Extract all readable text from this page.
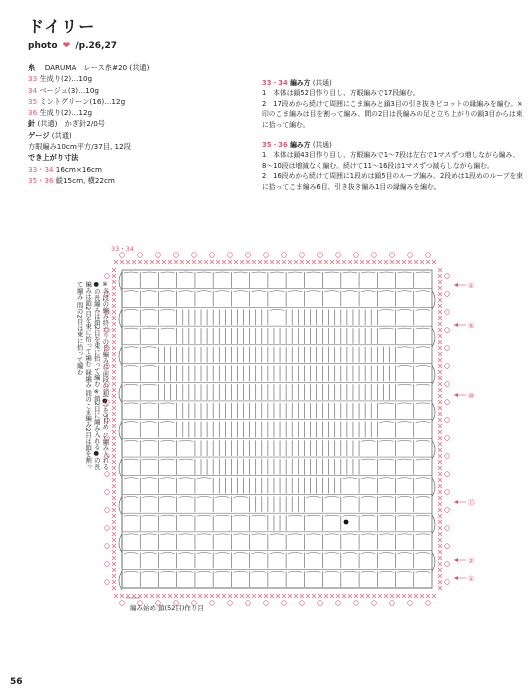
ドイリー
photo ❤ /p.26,27
糸　 DARUMA　レース糸#20 (共通)
33 生成り(2)…10g
34 ベージュ(3)…10g
35 ミントグリーン(16)…12g
36 生成り(2)…12g
針 (共通)　かぎ針2/0号
ゲージ (共通)
方眼編み10cm平方/37目, 12段
でき上がり寸法
33・34 16cm×16cm
35・36 縦15cm, 横22cm
33・34 編み方 (共通)
1　本体は鎖52目作り目し、方眼編みで17段編む。
2　17段めから続けて周囲にこま編みと鎖3目の引き抜きピコットの縁編みを編む。×印のこま編みは目を割って編み、間の2目は長編みの足と立ち上がりの鎖3目からは束に拾って編む。
35・36 編み方 (共通)
1　本体は鎖43目作り目し、方眼編みで1〜7段は左右で1マスずつ増しながら編み、8〜10段は増減なく編む。続けて11〜16段は1マスずつ減らしながら編む。
2　16段めから続けて周囲に1段めは鎖5目のループ編み、2段めは1段めのループを束に拾ってこま編み6目、引き抜き編み1目の縁編みを編む。
33・34
※各段の編み終わりの長編みは前段の鎖(●)を3目め に編み入れる●の長編みは鎖2目を束に拾って編む ※鎖2目に編み入れる●の長編みは鎖2目を束に拾って編む 縁編み 間のこま編み2目は鎖を割って編み 間の2目は束に拾って編む	①
⑤
⑩
⑮
②
①
編み始め 鎖(52目)作り目
56
